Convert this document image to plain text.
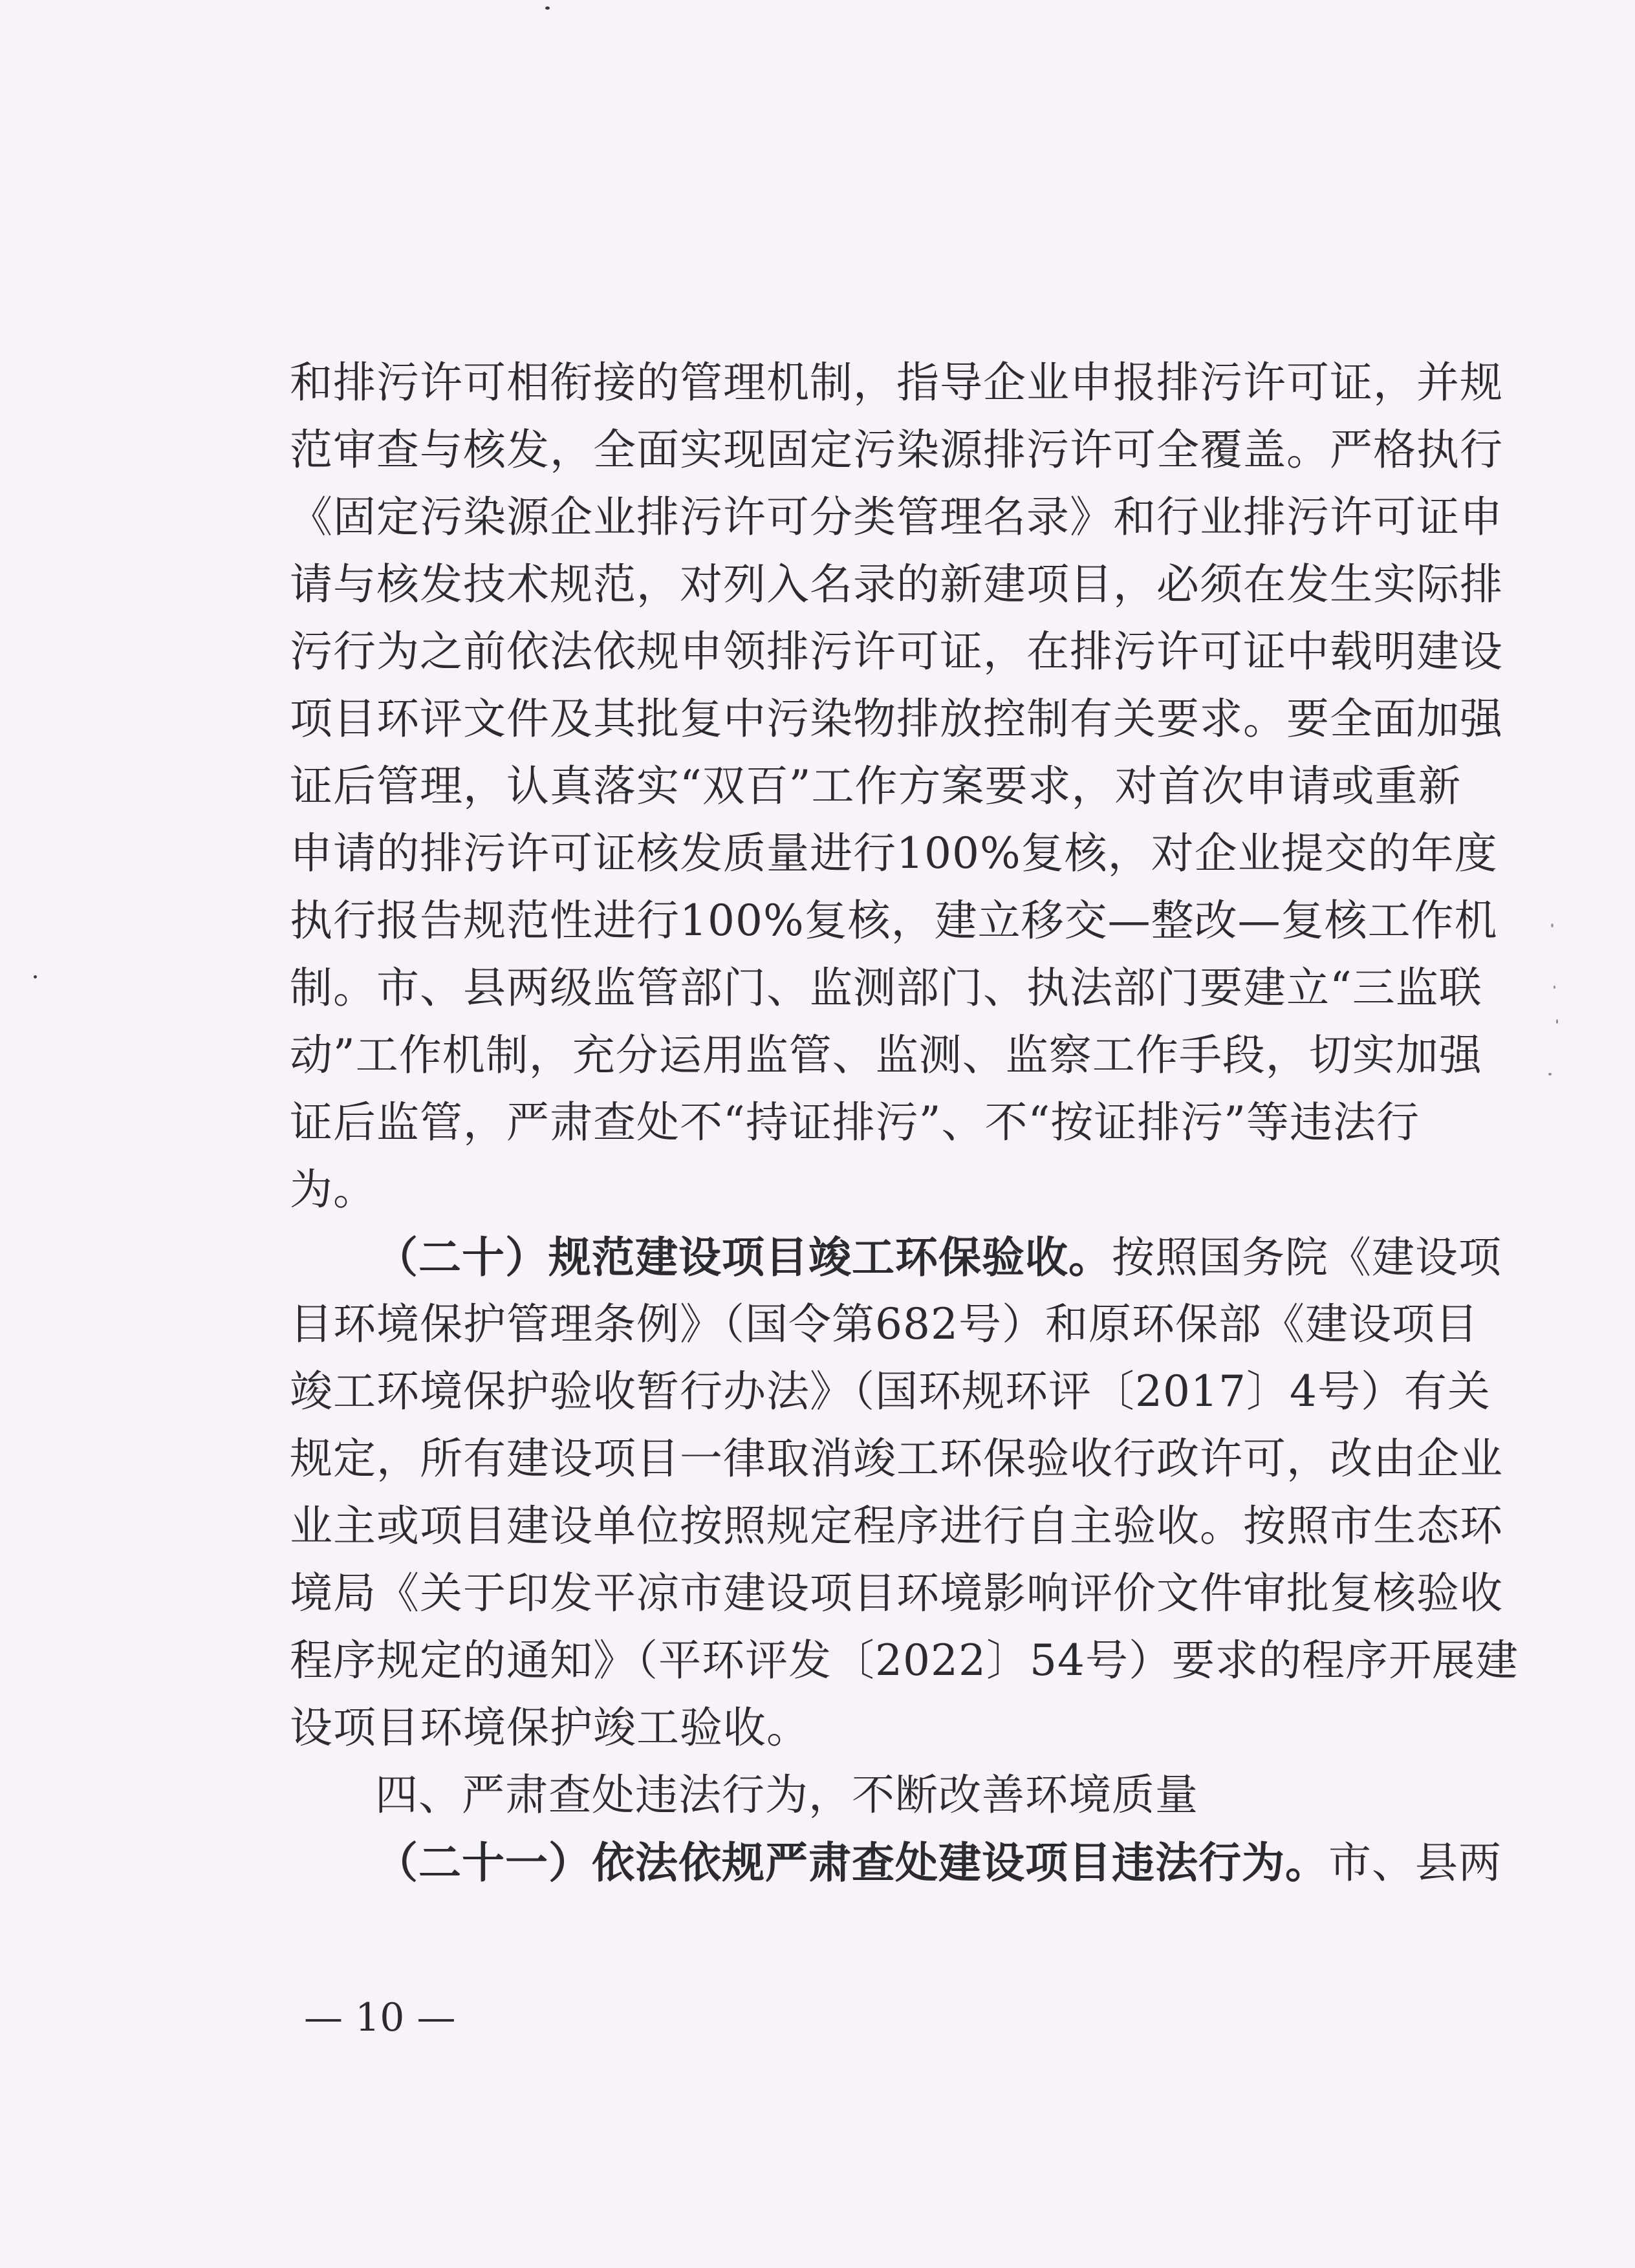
和排污许可相衔接的管理机制，指导企业申报排污许可证，并规
范审查与核发，全面实现固定污染源排污许可全覆盖。严格执行
《固定污染源企业排污许可分类管理名录》和行业排污许可证申
请与核发技术规范，对列入名录的新建项目，必须在发生实际排
污行为之前依法依规申领排污许可证，在排污许可证中载明建设
项目环评文件及其批复中污染物排放控制有关要求。要全面加强
证后管理，认真落实“双百”工作方案要求，对首次申请或重新
申请的排污许可证核发质量进行100%复核，对企业提交的年度
执行报告规范性进行100%复核，建立移交—整改—复核工作机
制。市、县两级监管部门、监测部门、执法部门要建立“三监联
动”工作机制，充分运用监管、监测、监察工作手段，切实加强
证后监管，严肃查处不“持证排污”、不“按证排污”等违法行
为。
（二十）规范建设项目竣工环保验收。按照国务院《建设项
目环境保护管理条例》（国令第682号）和原环保部《建设项目
竣工环境保护验收暂行办法》（国环规环评〔2017〕4号）有关
规定，所有建设项目一律取消竣工环保验收行政许可，改由企业
业主或项目建设单位按照规定程序进行自主验收。按照市生态环
境局《关于印发平凉市建设项目环境影响评价文件审批复核验收
程序规定的通知》（平环评发〔2022〕54号）要求的程序开展建
设项目环境保护竣工验收。
四、严肃查处违法行为，不断改善环境质量
（二十一）依法依规严肃查处建设项目违法行为。市、县两
— 10 —
